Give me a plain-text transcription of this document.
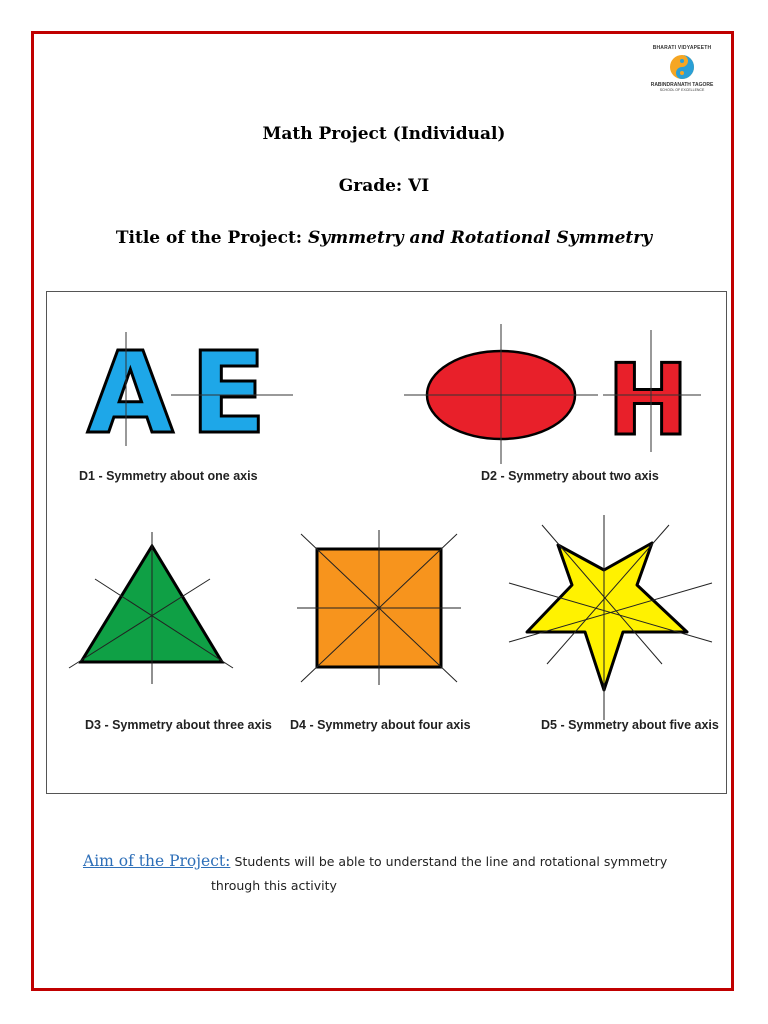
BHARATI VIDYAPEETH
RABINDRANATH TAGORE
SCHOOL OF EXCELLENCE
Math Project (Individual)
Grade: VI
Title of the Project: Symmetry and Rotational Symmetry
A E
D1 - Symmetry about one axis
H
D2 - Symmetry about two axis
D3 - Symmetry about three axis D4 - Symmetry about four axis	D5 - Symmetry about five axis
Aim of the Project: Students will be able to understand the line and rotational symmetry
through this activity
